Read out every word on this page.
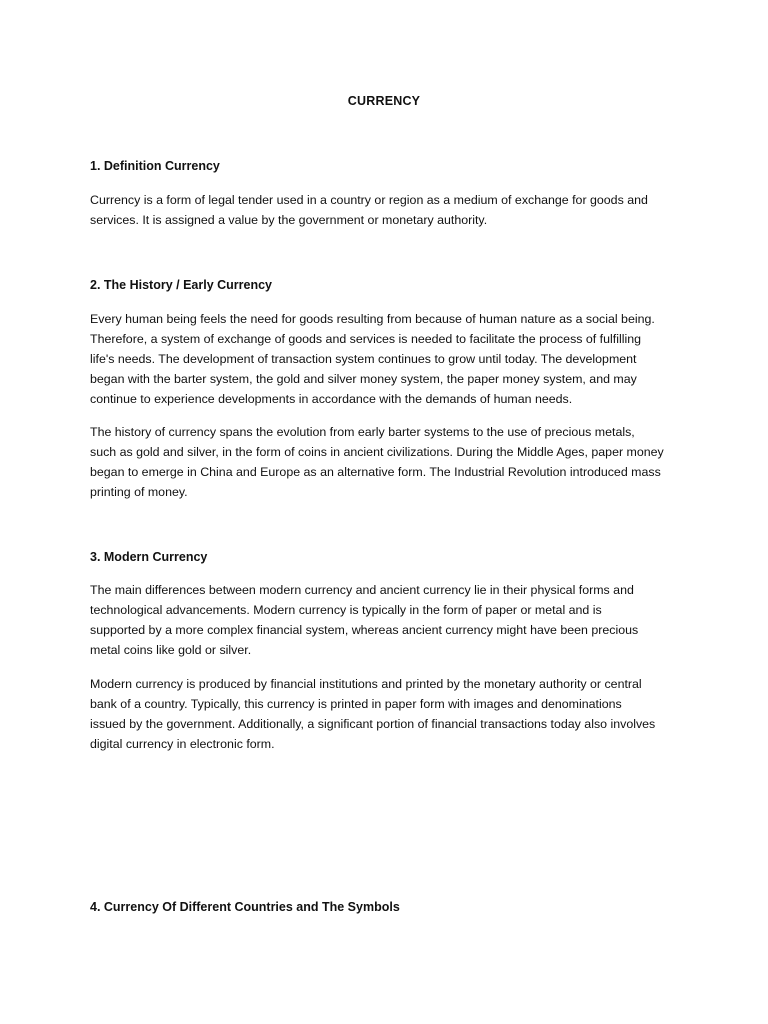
CURRENCY
1. Definition Currency

Currency is a form of legal tender used in a country or region as a medium of exchange for goods and
services. It is assigned a value by the government or monetary authority.

2. The History / Early Currency

Every human being feels the need for goods resulting from because of human nature as a social being.
Therefore, a system of exchange of goods and services is needed to facilitate the process of fulfilling
life's needs. The development of transaction system continues to grow until today. The development
began with the barter system, the gold and silver money system, the paper money system, and may
continue to experience developments in accordance with the demands of human needs.

The history of currency spans the evolution from early barter systems to the use of precious metals,
such as gold and silver, in the form of coins in ancient civilizations. During the Middle Ages, paper money
began to emerge in China and Europe as an alternative form. The Industrial Revolution introduced mass
printing of money.

3. Modern Currency

The main differences between modern currency and ancient currency lie in their physical forms and
technological advancements. Modern currency is typically in the form of paper or metal and is
supported by a more complex financial system, whereas ancient currency might have been precious
metal coins like gold or silver.

Modern currency is produced by financial institutions and printed by the monetary authority or central
bank of a country. Typically, this currency is printed in paper form with images and denominations
issued by the government. Additionally, a significant portion of financial transactions today also involves
digital currency in electronic form.

4. Currency Of Different Countries and The Symbols
